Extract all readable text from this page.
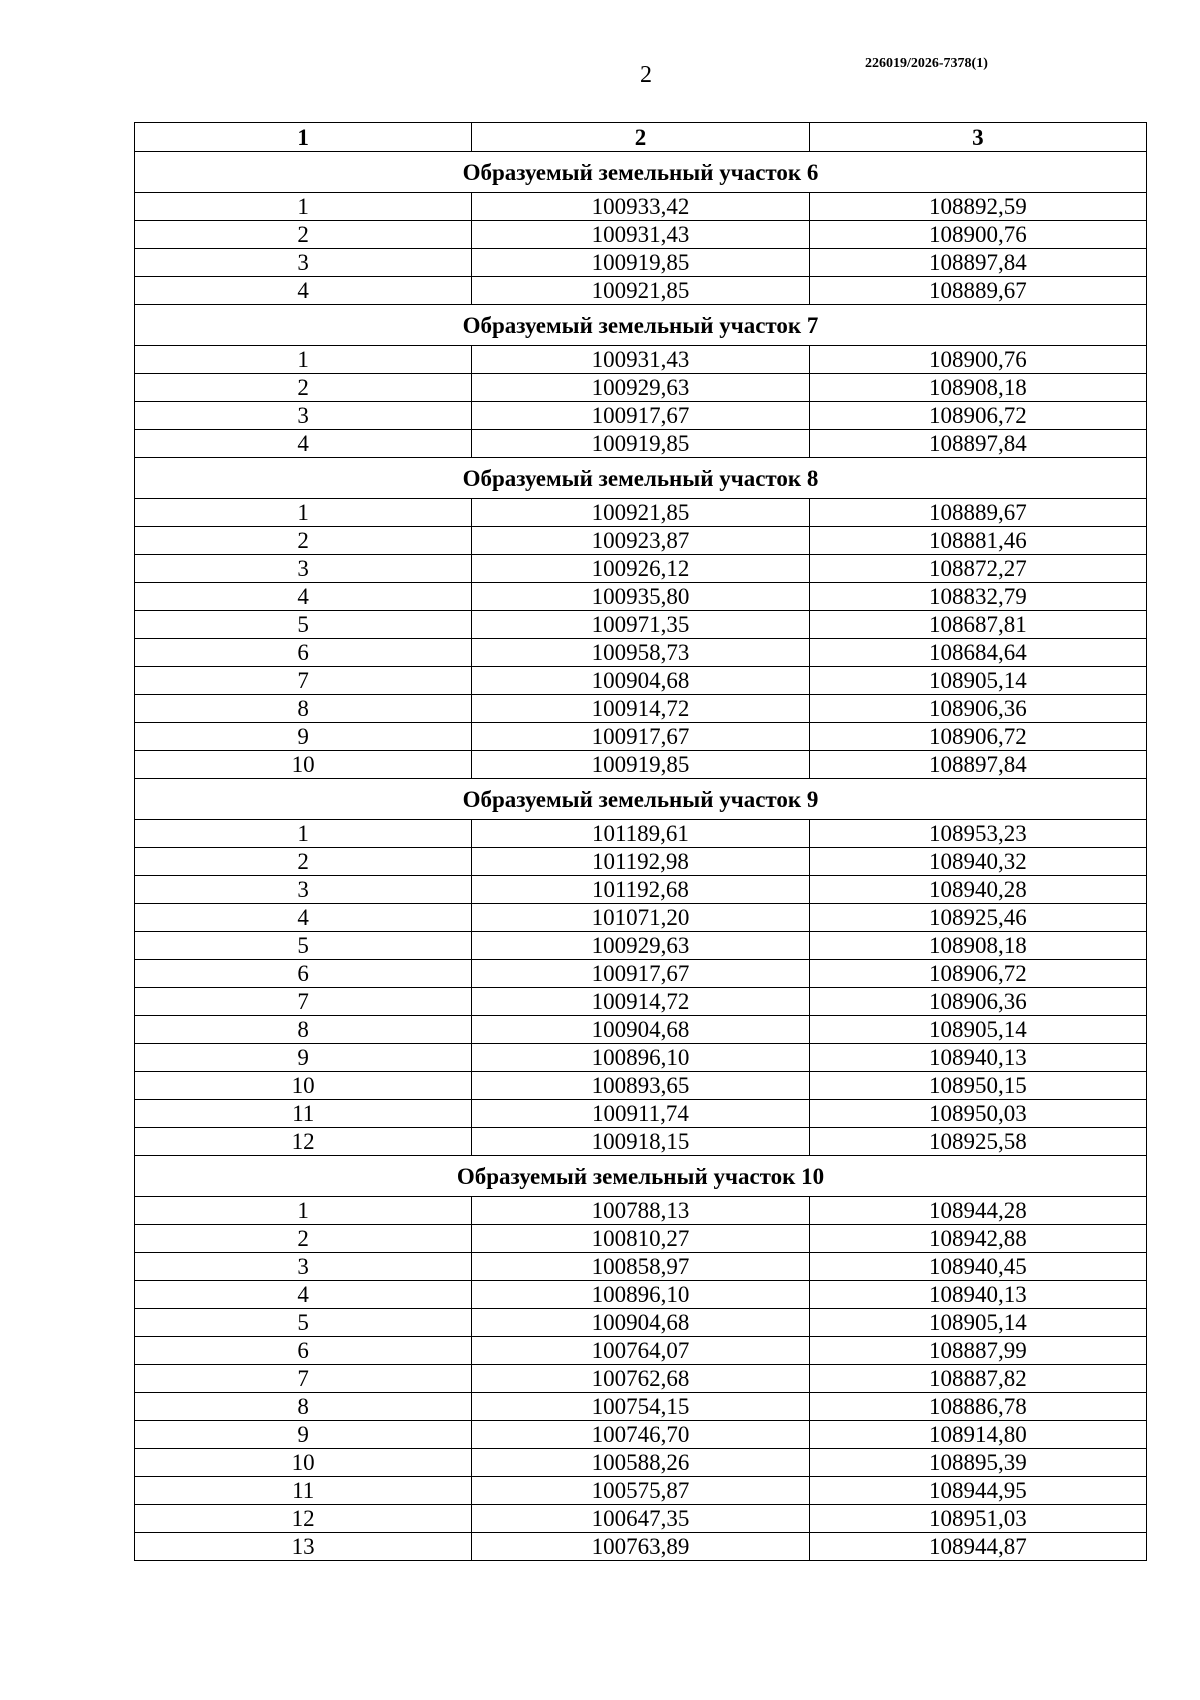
2	226019/2026-7378(1)
1	2	3
Образуемый земельный участок 6		
1	100933,42	108892,59
2	100931,43	108900,76
3	100919,85	108897,84
4	100921,85	108889,67
Образуемый земельный участок 7		
1	100931,43	108900,76
2	100929,63	108908,18
3	100917,67	108906,72
4	100919,85	108897,84
Образуемый земельный участок 8		
1	100921,85	108889,67
2	100923,87	108881,46
3	100926,12	108872,27
4	100935,80	108832,79
5	100971,35	108687,81
6	100958,73	108684,64
7	100904,68	108905,14
8	100914,72	108906,36
9	100917,67	108906,72
10	100919,85	108897,84
Образуемый земельный участок 9		
1	101189,61	108953,23
2	101192,98	108940,32
3	101192,68	108940,28
4	101071,20	108925,46
5	100929,63	108908,18
6	100917,67	108906,72
7	100914,72	108906,36
8	100904,68	108905,14
9	100896,10	108940,13
10	100893,65	108950,15
11	100911,74	108950,03
12	100918,15	108925,58
Образуемый земельный участок 10		
1	100788,13	108944,28
2	100810,27	108942,88
3	100858,97	108940,45
4	100896,10	108940,13
5	100904,68	108905,14
6	100764,07	108887,99
7	100762,68	108887,82
8	100754,15	108886,78
9	100746,70	108914,80
10	100588,26	108895,39
11	100575,87	108944,95
12	100647,35	108951,03
13	100763,89	108944,87
